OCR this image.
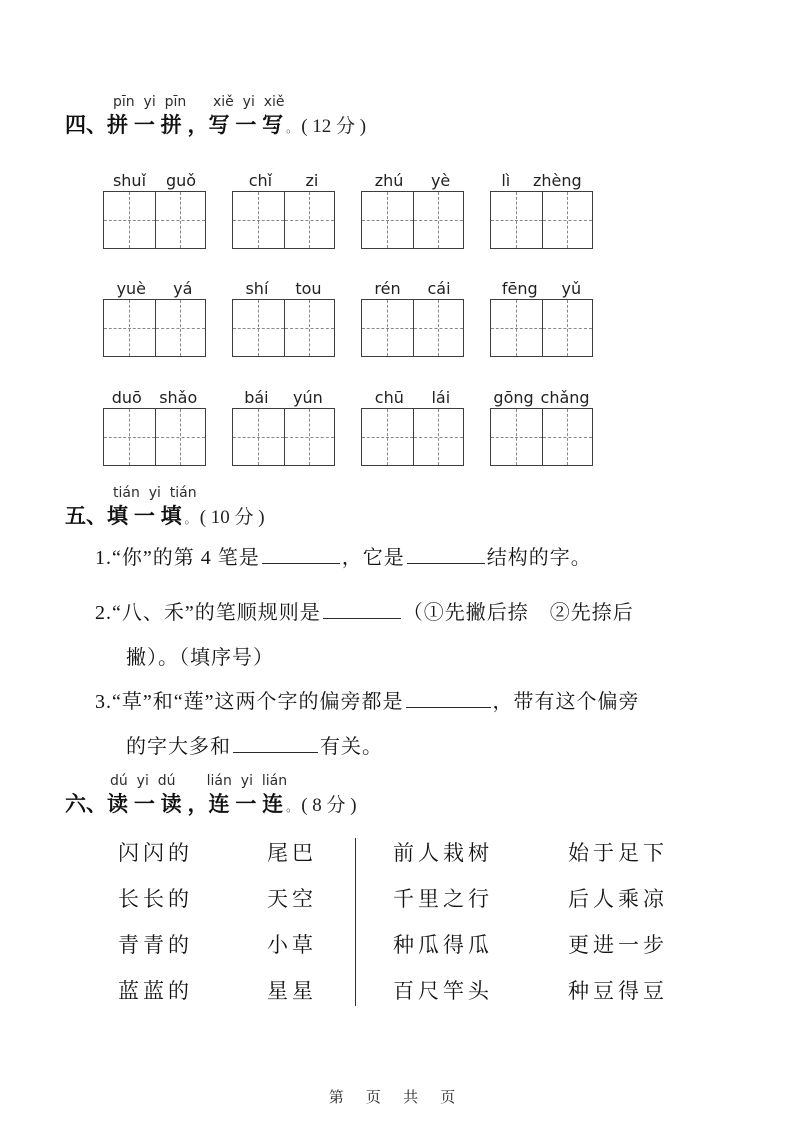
pīn  yi  pīn      xiě  yi  xiě
四、拼 一 拼 ，写 一 写 。 ( 12 分 )
shuǐ guǒ	chǐ zi	zhú yè	lì zhèng
yuè yá	shí tou	rén cái	fēng yǔ
duō shǎo	bái yún	chū lái	gōng chǎng
tián  yi  tián
五、填 一 填 。 ( 10 分 )
1.“你”的第 4 笔是	，它是	结构的字。
2.“八、禾”的笔顺规则是	（①先撇后捺　②先捺后
撇）。（填序号）
3.“草”和“莲”这两个字的偏旁都是	，带有这个偏旁
的字大多和	有关。
dú  yi  dú       lián  yi  lián
六、读 一 读 ，连 一 连 。 ( 8 分 )
闪闪的	尾巴	前人栽树	始于足下
长长的	天空	千里之行	后人乘凉
青青的	小草	种瓜得瓜	更进一步
蓝蓝的	星星	百尺竿头	种豆得豆
第 页 共 页
